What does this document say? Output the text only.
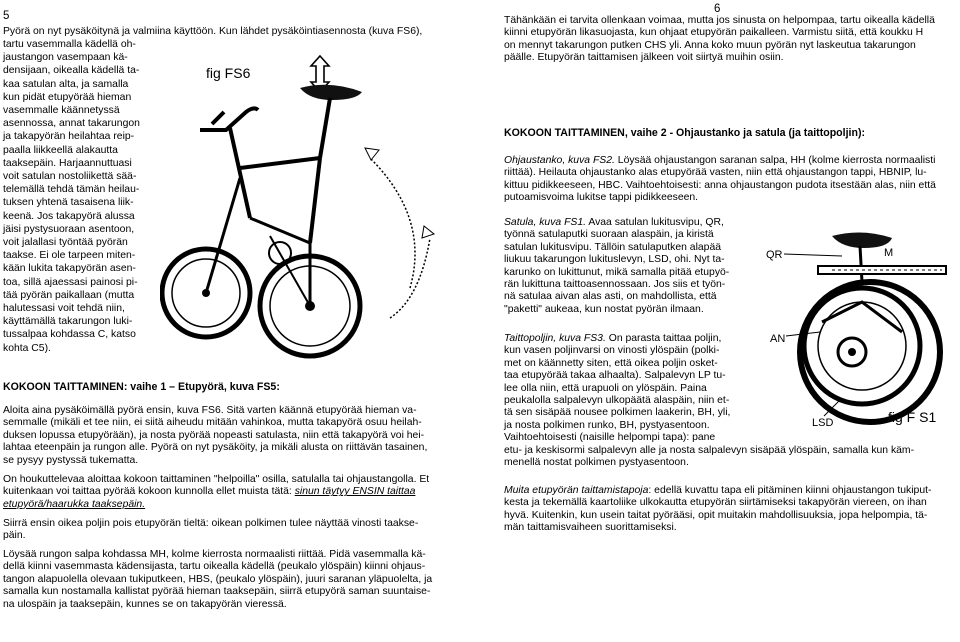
5

Pyörä on nyt pysäköitynä ja valmiina käyttöön. Kun lähdet pysäköintiasennosta (kuva FS6),

tartu vasemmalla kädellä oh-

jaustangon vasempaan kä-

densijaan, oikealla kädellä ta-

kaa satulan alta, ja samalla

kun pidät etupyörää hieman

vasemmalle käännetyssä

asennossa, annat takarungon

ja takapyörän heilahtaa reip-

paalla liikkeellä alakautta

taaksepäin. Harjaannuttuasi

voit satulan nostoliikettä sää-

telemällä tehdä tämän heilau-

tuksen yhtenä tasaisena liik-

keenä. Jos takapyörä alussa

jäisi pystysuoraan asentoon,

voit jalallasi työntää pyörän

taakse. Ei ole tarpeen miten-

kään lukita takapyörän asen-

toa, sillä ajaessasi painosi pi-

tää pyörän paikallaan (mutta

halutessasi voit tehdä niin,

käyttämällä takarungon luki-

tussalpaa kohdassa C, katso

kohta C5).

fig FS6

KOKOON TAITTAMINEN: vaihe 1 – Etupyörä, kuva FS5:

Aloita aina pysäköimällä pyörä ensin, kuva FS6. Sitä varten käännä etupyörää hieman va-

semmalle (mikäli et tee niin, ei siitä aiheudu mitään vahinkoa, mutta takapyörä osuu heilah-

duksen lopussa etupyörään), ja nosta pyörää nopeasti satulasta, niin että takapyörä voi hei-

lahtaa eteenpäin ja rungon alle. Pyörä on nyt pysäköity, ja mikäli alusta on riittävän tasainen,

se pysyy pystyssä tukematta.

On houkuttelevaa aloittaa kokoon taittaminen "helpoilla" osilla, satulalla tai ohjaustangolla. Et

kuitenkaan voi taittaa pyörää kokoon kunnolla ellet muista tätä: sinun täytyy ENSIN taittaa

etupyörä/haarukka taaksepäin.

Siirrä ensin oikea poljin pois etupyörän tieltä: oikean polkimen tulee näyttää vinosti taakse-

päin.

Löysää rungon salpa kohdassa MH, kolme kierrosta normaalisti riittää. Pidä vasemmalla kä-

dellä kiinni vasemmasta kädensijasta, tartu oikealla kädellä (peukalo ylöspäin) kiinni ohjaus-

tangon alapuolella olevaan tukiputkeen, HBS, (peukalo ylöspäin), juuri saranan yläpuolelta, ja

samalla kun nostamalla kallistat pyörää hieman taaksepäin, siirrä etupyörä saman suuntaise-

na ulospäin ja taaksepäin, kunnes se on takapyörän vieressä.

6

Tähänkään ei tarvita ollenkaan voimaa, mutta jos sinusta on helpompaa, tartu oikealla kädellä

kiinni etupyörän likasuojasta, kun ohjaat etupyörän paikalleen. Varmistu siitä, että koukku H

on mennyt takarungon putken CHS yli. Anna koko muun pyörän nyt laskeutua takarungon

päälle. Etupyörän taittamisen jälkeen voit siirtyä muihin osiin.

KOKOON TAITTAMINEN, vaihe 2 - Ohjaustanko ja satula (ja taittopoljin):

Ohjaustanko, kuva FS2. Löysää ohjaustangon saranan salpa, HH (kolme kierrosta normaalisti

riittää). Heilauta ohjaustanko alas etupyörää vasten, niin että ohjaustangon tappi, HBNIP, lu-

kittuu pidikkeeseen, HBC. Vaihtoehtoisesti: anna ohjaustangon pudota itsestään alas, niin että

putoamisvoima lukitse tappi pidikkeeseen.

Satula, kuva FS1. Avaa satulan lukitusvipu, QR,

työnnä satulaputki suoraan alaspäin, ja kiristä

satulan lukitusvipu. Tällöin satulaputken alapää

liukuu takarungon lukituslevyn, LSD, ohi. Nyt ta-

karunko on lukittunut, mikä samalla pitää etupyö-

rän lukittuna taittoasennossaan. Jos siis et työn-

nä satulaa aivan alas asti, on mahdollista, että

"paketti" aukeaa, kun nostat pyörän ilmaan.

Taittopoljin, kuva FS3. On parasta taittaa poljin,

kun vasen poljinvarsi on vinosti ylöspäin (polki-

met on käännetty siten, että oikea poljin osket-

taa etupyörää takaa alhaalta). Salpalevyn LP tu-

lee olla niin, että urapuoli on ylöspäin. Paina

peukalolla salpalevyn ulkopäätä alaspäin, niin et-

tä sen sisäpää nousee polkimen laakerin, BH, yli,

ja nosta polkimen runko, BH, pystyasentoon.

Vaihtoehtoisesti (naisille helpompi tapa): pane

etu- ja keskisormi salpalevyn alle ja nosta salpalevyn sisäpää ylöspäin, samalla kun käm-

menellä nostat polkimen pystyasentoon.

Muita etupyörän taittamistapoja: edellä kuvattu tapa eli pitäminen kiinni ohjaustangon tukiput-

kesta ja tekemällä kaartoliike ulkokautta etupyörän siirtämiseksi takapyörän viereen, on ihan

hyvä. Kuitenkin, kun usein taitat pyörääsi, opit muitakin mahdollisuuksia, jopa helpompia, tä-

män taittamisvaiheen suorittamiseksi.

QR	M
AN
LSD	fig F S1
